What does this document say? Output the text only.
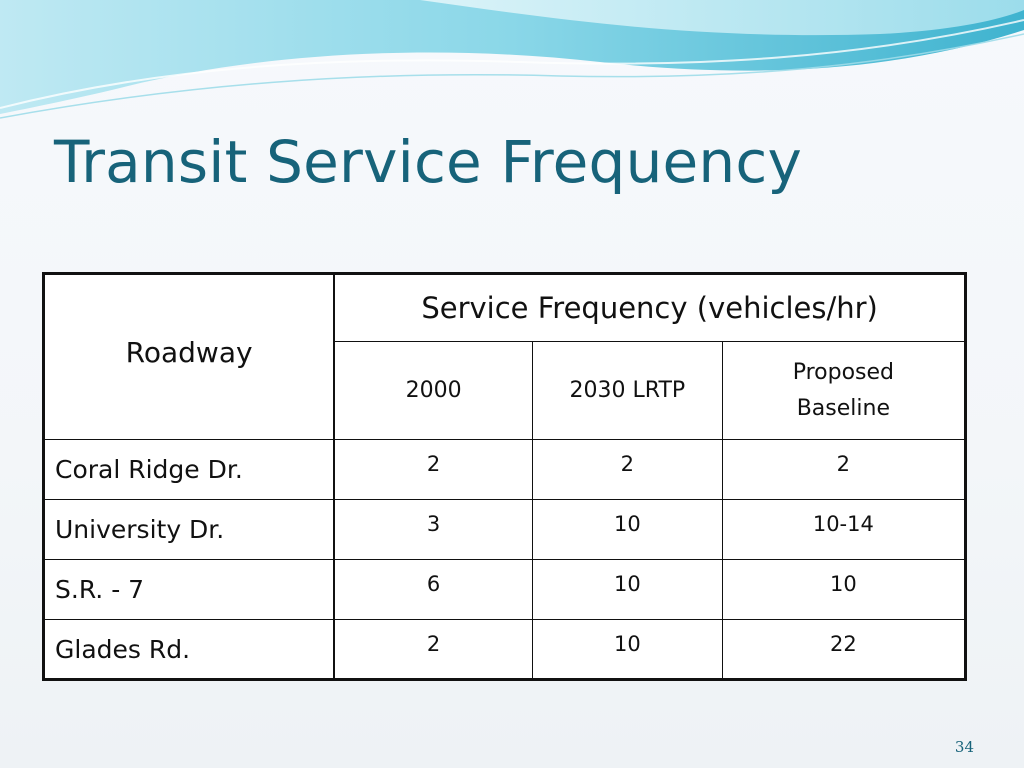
Transit Service Frequency
Roadway	Service Frequency (vehicles/hr)		
	2000	2030 LRTP	Proposed Baseline
Coral Ridge Dr.	2	2	2
University Dr.	3	10	10-14
S.R. - 7	6	10	10
Glades Rd.	2	10	22
34
